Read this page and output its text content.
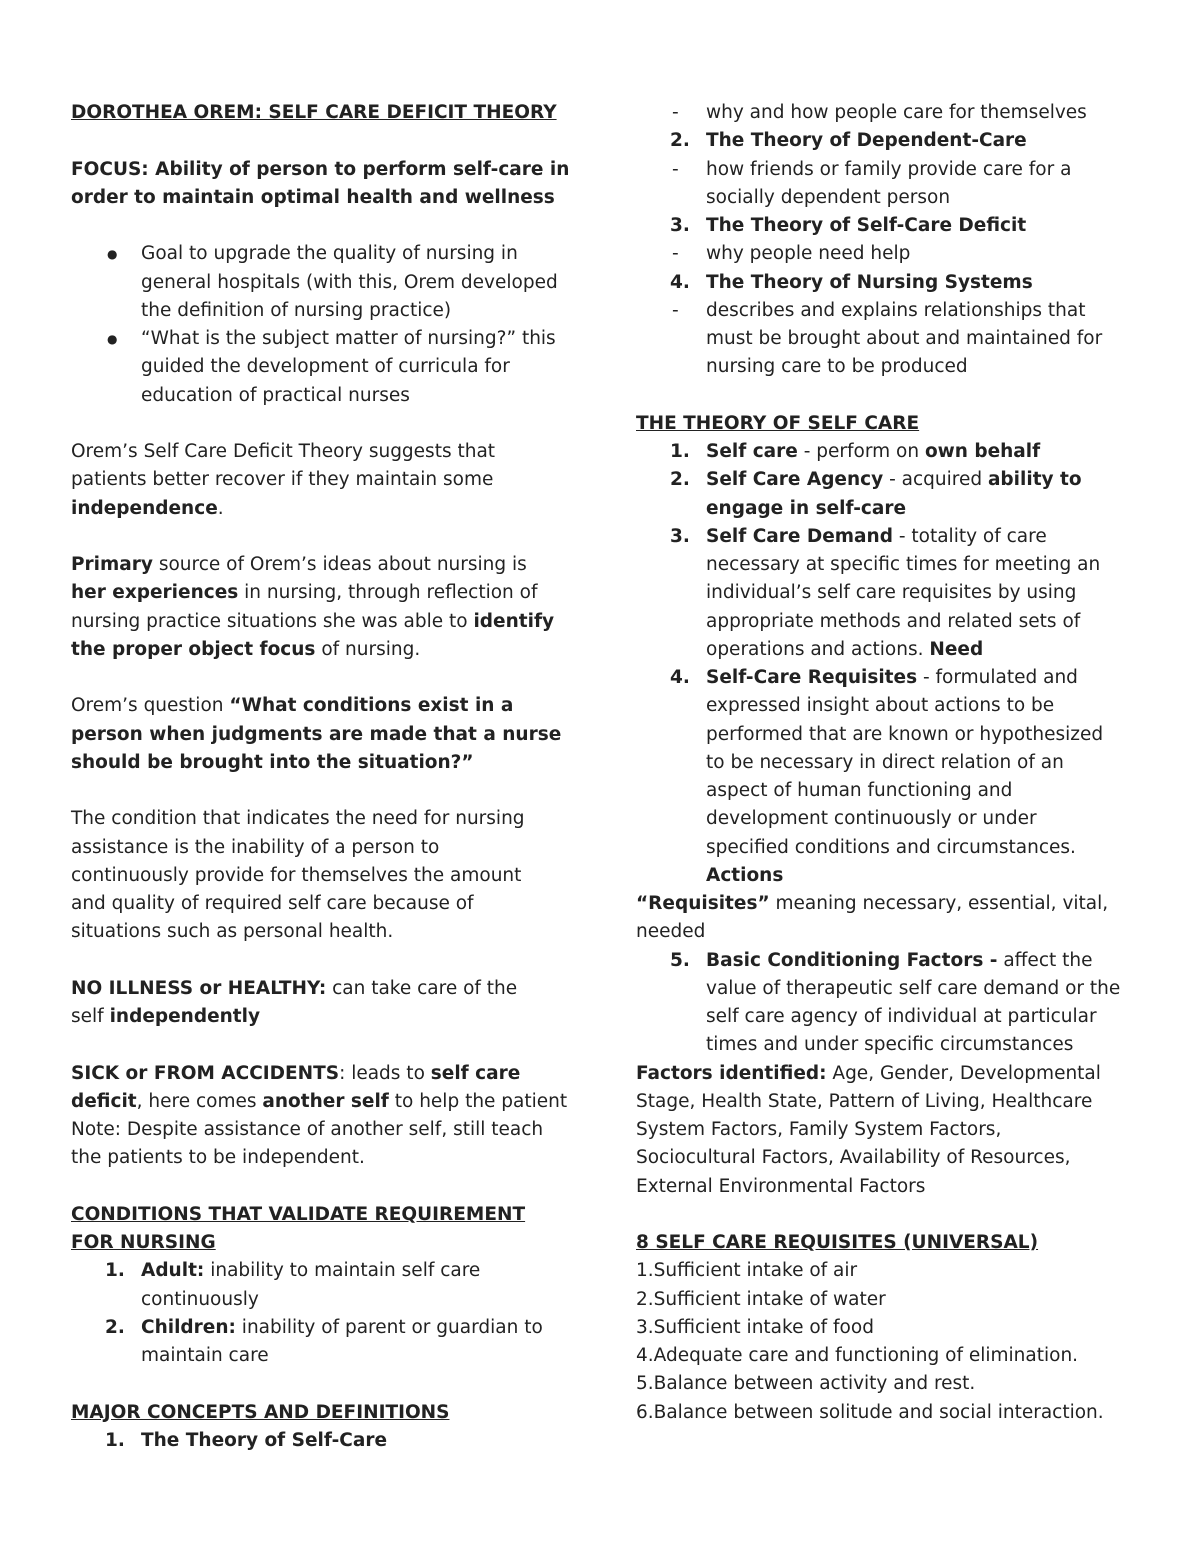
DOROTHEA OREM: SELF CARE DEFICIT THEORY
FOCUS: Ability of person to perform self-care in
order to maintain optimal health and wellness
● Goal to upgrade the quality of nursing in
general hospitals (with this, Orem developed
the definition of nursing practice)
● “What is the subject matter of nursing?” this
guided the development of curricula for
education of practical nurses
Orem’s Self Care Deficit Theory suggests that
patients better recover if they maintain some
independence.
Primary source of Orem’s ideas about nursing is
her experiences in nursing, through reflection of
nursing practice situations she was able to identify
the proper object focus of nursing.
Orem’s question “What conditions exist in a
person when judgments are made that a nurse
should be brought into the situation?”
The condition that indicates the need for nursing
assistance is the inability of a person to
continuously provide for themselves the amount
and quality of required self care because of
situations such as personal health.
NO ILLNESS or HEALTHY: can take care of the
self independently
SICK or FROM ACCIDENTS: leads to self care
deficit, here comes another self to help the patient
Note: Despite assistance of another self, still teach
the patients to be independent.
CONDITIONS THAT VALIDATE REQUIREMENT
FOR NURSING
1. Adult: inability to maintain self care
continuously
2. Children: inability of parent or guardian to
maintain care
MAJOR CONCEPTS AND DEFINITIONS
1. The Theory of Self-Care
- why and how people care for themselves
2. The Theory of Dependent-Care
- how friends or family provide care for a
socially dependent person
3. The Theory of Self-Care Deficit
- why people need help
4. The Theory of Nursing Systems
- describes and explains relationships that
must be brought about and maintained for
nursing care to be produced
THE THEORY OF SELF CARE
1. Self care - perform on own behalf
2. Self Care Agency - acquired ability to
engage in self-care
3. Self Care Demand - totality of care
necessary at specific times for meeting an
individual’s self care requisites by using
appropriate methods and related sets of
operations and actions. Need
4. Self-Care Requisites - formulated and
expressed insight about actions to be
performed that are known or hypothesized
to be necessary in direct relation of an
aspect of human functioning and
development continuously or under
specified conditions and circumstances.
Actions
“Requisites” meaning necessary, essential, vital,
needed
5. Basic Conditioning Factors - affect the
value of therapeutic self care demand or the
self care agency of individual at particular
times and under specific circumstances
Factors identified: Age, Gender, Developmental
Stage, Health State, Pattern of Living, Healthcare
System Factors, Family System Factors,
Sociocultural Factors, Availability of Resources,
External Environmental Factors
8 SELF CARE REQUISITES (UNIVERSAL)
1.Sufficient intake of air
2.Sufficient intake of water
3.Sufficient intake of food
4.Adequate care and functioning of elimination.
5.Balance between activity and rest.
6.Balance between solitude and social interaction.
